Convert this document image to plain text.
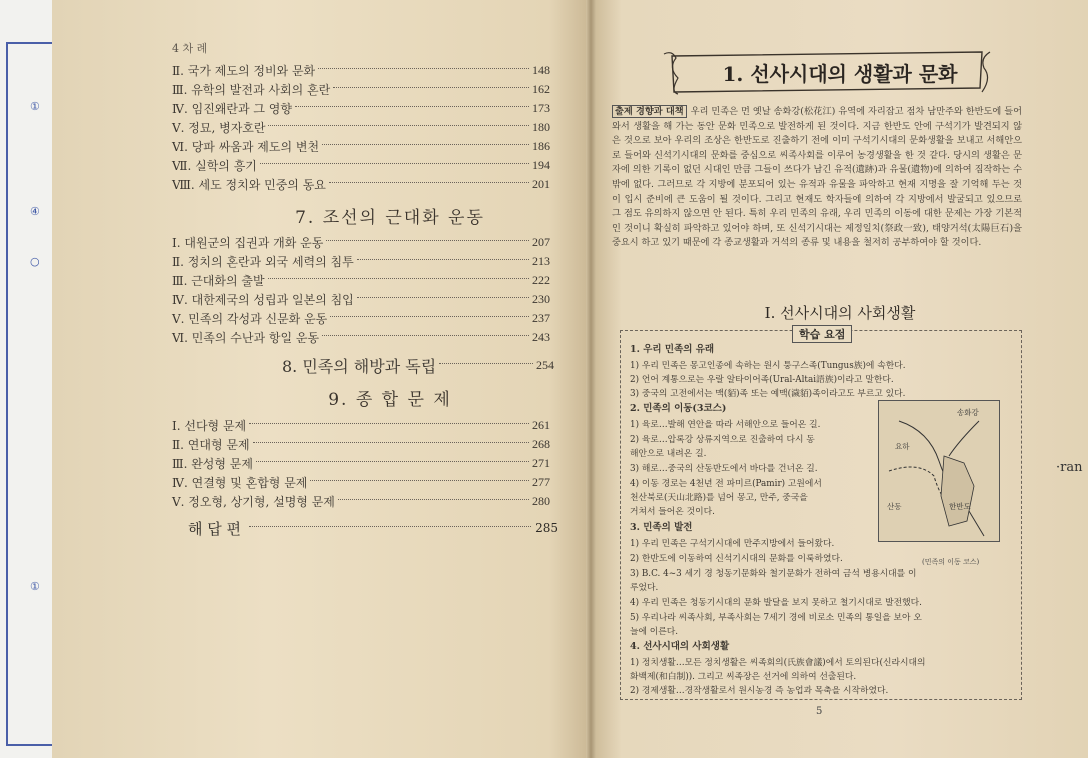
①
④
○
①
4 차 례
Ⅱ. 국가 제도의 정비와 문화	148
Ⅲ. 유학의 발전과 사회의 혼란	162
Ⅳ. 임진왜란과 그 영향	173
Ⅴ. 정묘, 병자호란	180
Ⅵ. 당파 싸움과 제도의 변천	186
Ⅶ. 실학의 흥기	194
Ⅷ. 세도 정치와 민중의 동요	201
7. 조선의 근대화 운동
Ⅰ. 대원군의 집권과 개화 운동	207
Ⅱ. 정치의 혼란과 외국 세력의 침투	213
Ⅲ. 근대화의 출발	222
Ⅳ. 대한제국의 성립과 일본의 침입	230
Ⅴ. 민족의 각성과 신문화 운동	237
Ⅵ. 민족의 수난과 항일 운동	243
8. 민족의 해방과 독립	254
9. 종 합 문 제
Ⅰ. 선다형 문제	261
Ⅱ. 연대형 문제	268
Ⅲ. 완성형 문제	271
Ⅳ. 연결형 및 혼합형 문제	277
Ⅴ. 정오형, 상기형, 설명형 문제	280
해 답 편	285
1. 선사시대의 생활과 문화
출제 경향과 대책 우리 민족은 먼 옛날 송화강(松花江) 유역에 자리잡고 점차 남만주와 한반도에 들어와서 생활을 해 가는 동안 문화 민족으로 발전하게 된 것이다. 지금 한반도 안에 구석기가 발견되지 않은 것으로 보아 우리의 조상은 한반도로 진출하기 전에 이미 구석기시대의 문화생활을 보내고 서해안으로 들어와 신석기시대의 문화를 중심으로 씨족사회를 이루어 농경생활을 한 것 같다. 당시의 생활은 문자에 의한 기록이 없던 시대인 만큼 그들이 쓰다가 남긴 유적(遺跡)과 유물(遺物)에 의하여 짐작하는 수 밖에 없다. 그러므로 각 지방에 분포되어 있는 유적과 유물을 파악하고 현재 지명을 잘 기억해 두는 것이 입시 준비에 큰 도움이 될 것이다. 그리고 현재도 학자들에 의하여 각 지방에서 발굴되고 있으므로 그 점도 유의하지 않으면 안 된다. 특히 우리 민족의 유래, 우리 민족의 이동에 대한 문제는 가장 기본적인 것이니 확실히 파악하고 있어야 하며, 또 신석기시대는 제정일치(祭政一致), 태양거석(太陽巨石)을 중요시 하고 있기 때문에 각 종교생활과 거석의 종류 및 내용을 철저히 공부하여야 할 것이다.
Ⅰ. 선사시대의 사회생활
학습 요점
1. 우리 민족의 유래
1) 우리 민족은 몽고인종에 속하는 원시 퉁구스족(Tungus族)에 속한다.
2) 언어 계통으로는 우랄 알타이어족(Ural-Altai語族)이라고 말한다.
3) 중국의 고전에서는 맥(貊)족 또는 예맥(濊貊)족이라고도 부르고 있다.
2. 민족의 이동(3코스)
1) 육로…발해 연안을 따라 서해안으로 들어온 길.
2) 육로…압록강 상류지역으로 진출하여 다시 동
해안으로 내려온 길.
3) 해로…중국의 산동반도에서 바다를 건너온 길.
4) 이동 경로는 4천년 전 파미르(Pamir) 고원에서
천산북로(天山北路)를 넘어 몽고, 만주, 중국을
거쳐서 들어온 것이다.
송화강
요하
한반도
산동
(민족의 이동 코스)
3. 민족의 발전
1) 우리 민족은 구석기시대에 만주지방에서 들어왔다.
2) 한반도에 이동하여 신석기시대의 문화를 이룩하였다.
3) B.C. 4~3 세기 경 청동기문화와 철기문화가 전하여 금석 병용시대를 이
루었다.
4) 우리 민족은 청동기시대의 문화 발달을 보지 못하고 철기시대로 발전했다.
5) 우리나라 씨족사회, 부족사회는 7세기 경에 비로소 민족의 통일을 보아 오
늘에 이른다.
4. 선사시대의 사회생활
1) 정치생활…모든 정치생활은 씨족회의(氏族會議)에서 토의된다(신라시대의
화백제(和白制)). 그리고 씨족장은 선거에 의하여 선출된다.
2) 경제생활…경작생활로서 원시농경 즉 농업과 목축을 시작하였다.
5
·ran
